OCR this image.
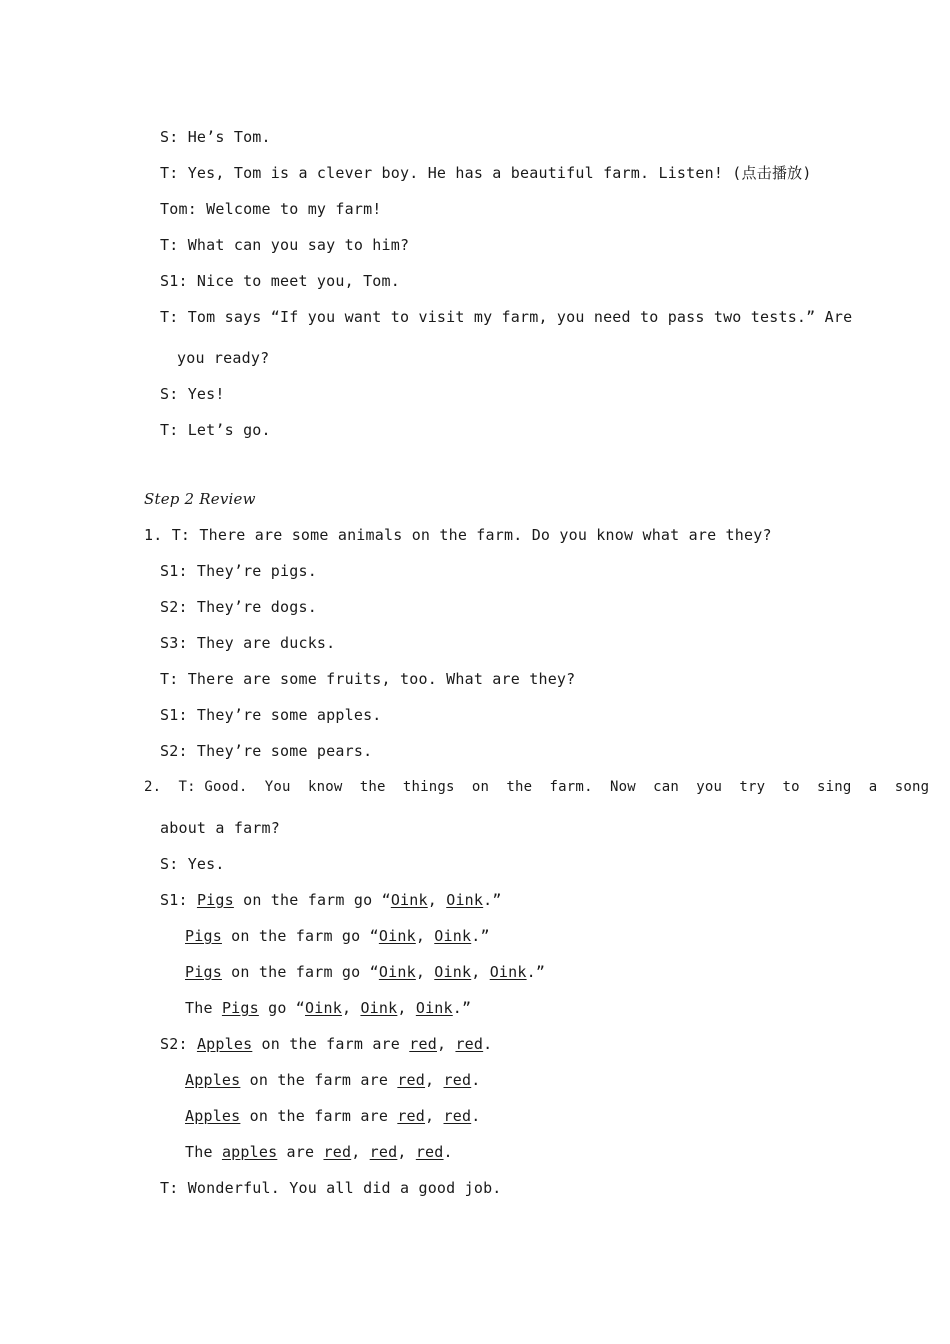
S: He’s Tom.
T: Yes, Tom is a clever boy. He has a beautiful farm. Listen! (点击播放)
Tom: Welcome to my farm!
T: What can you say to him?
S1: Nice to meet you, Tom.
T: Tom says “If you want to visit my farm, you need to pass two tests.” Are
you ready?
S: Yes!
T: Let’s go.
Step 2 Review
1. T: There are some animals on the farm. Do you know what are they?
S1: They’re pigs.
S2: They’re dogs.
S3: They are ducks.
T: There are some fruits, too. What are they?
S1: They’re some apples.
S2: They’re some pears.
2.  T: Good.  You  know  the  things  on  the  farm.  Now  can  you  try  to  sing  a  song
about a farm?
S: Yes.
S1: Pigs on the farm go “Oink, Oink.”
Pigs on the farm go “Oink, Oink.”
Pigs on the farm go “Oink, Oink, Oink.”
The Pigs go “Oink, Oink, Oink.”
S2: Apples on the farm are red, red.
Apples on the farm are red, red.
Apples on the farm are red, red.
The apples are red, red, red.
T: Wonderful. You all did a good job.
